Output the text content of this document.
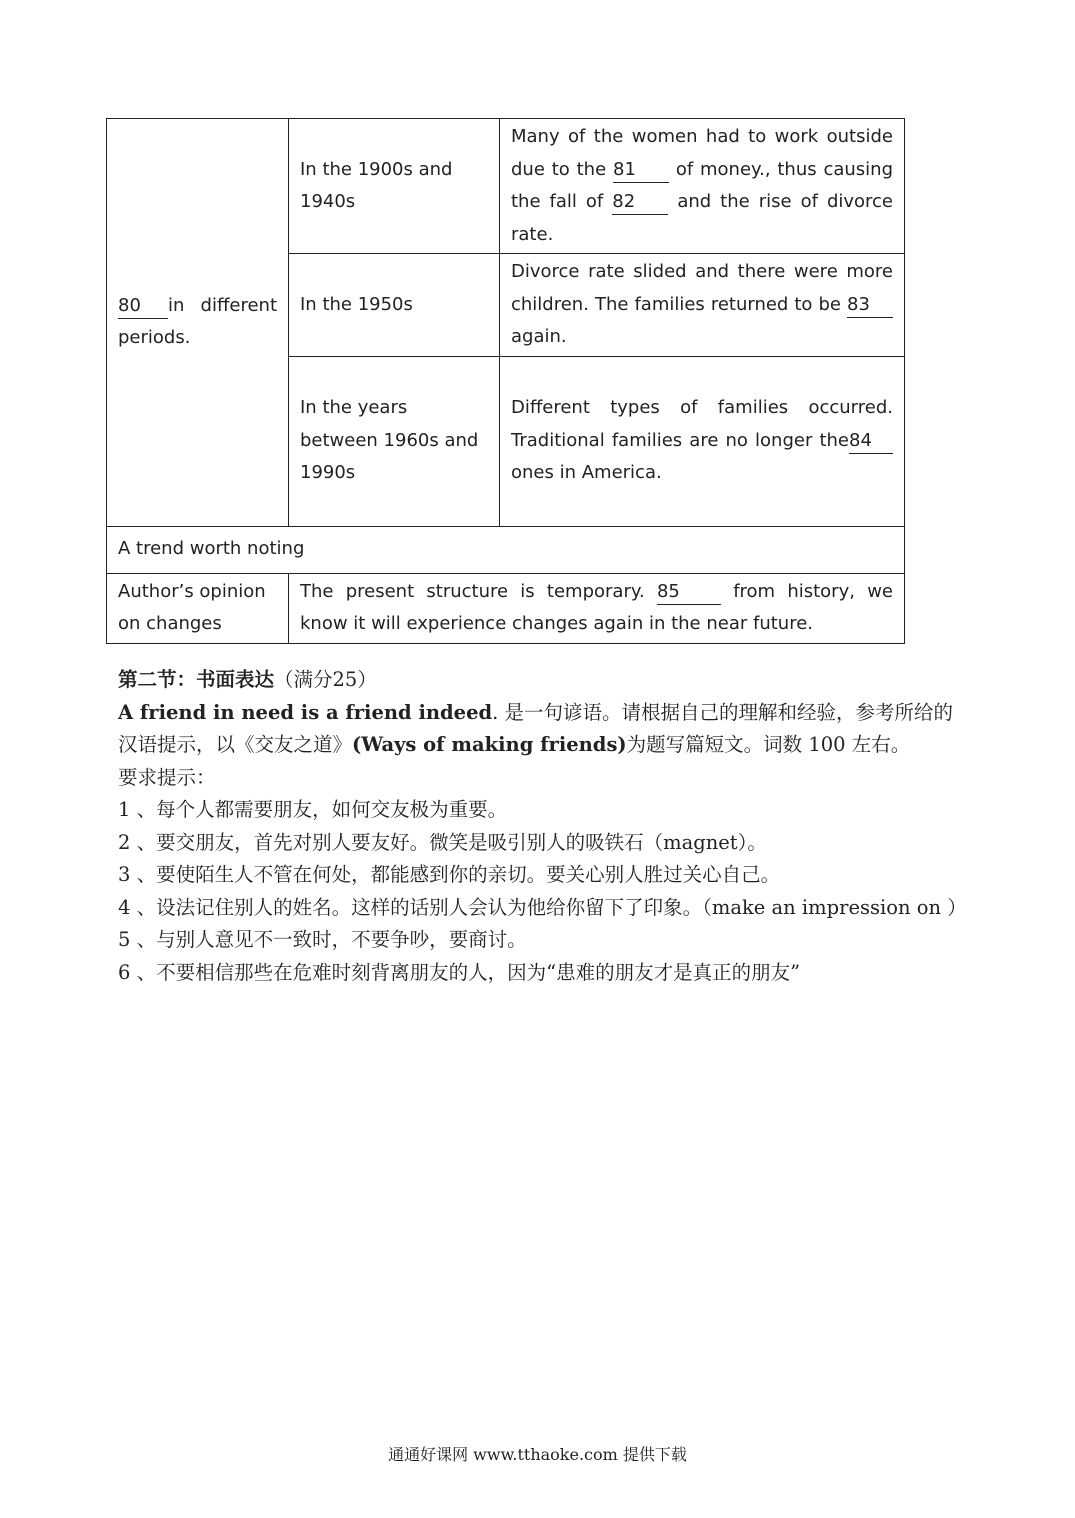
80 in different periods.	In the 1900s and 1940s	Many of the women had to work outside due to the 81 of money., thus causing the fall of 82 and the rise of divorce rate.
	In the 1950s	Divorce rate slided and there were more children. The families returned to be 83 again.
	In the years between 1960s and 1990s	Different types of families occurred. Traditional families are no longer the84 ones in America.
A trend worth noting		
Author’s opinion on changes	The present structure is temporary. 85 from history, we know it will experience changes again in the near future.	

第二节：书面表达（满分25）

A friend in need is a friend indeed. 是一句谚语。请根据自己的理解和经验，参考所给的汉语提示，以《交友之道》(Ways of making friends)为题写篇短文。词数 100 左右。

要求提示：

1 、每个人都需要朋友，如何交友极为重要。

2 、要交朋友，首先对别人要友好。微笑是吸引别人的吸铁石（magnet）。

3 、要使陌生人不管在何处，都能感到你的亲切。要关心别人胜过关心自己。

4 、设法记住别人的姓名。这样的话别人会认为他给你留下了印象。（make an impression on ）

5 、与别人意见不一致时，不要争吵，要商讨。

6 、不要相信那些在危难时刻背离朋友的人，因为“患难的朋友才是真正的朋友”

通通好课网 www.tthaoke.com 提供下载
